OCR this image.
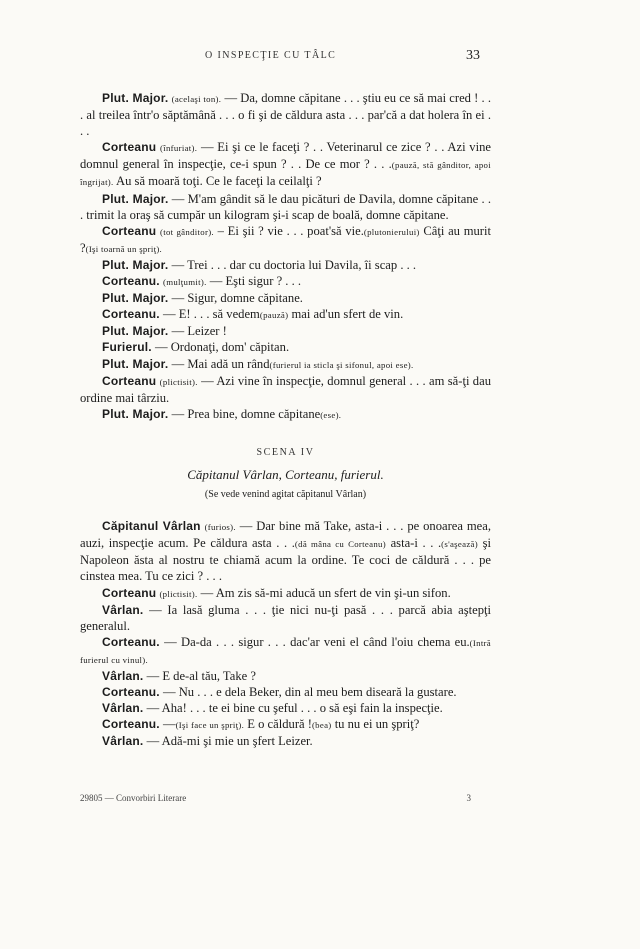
O INSPECŢIE CU TÂLC	33

Plut. Major. (acelaşi ton). — Da, domne căpitane . . . ştiu eu ce să mai cred ! . . . al treilea într'o săptămână . . . o fi şi de căldura asta . . . par'că a dat holera în ei . . .

Corteanu (înfuriat). — Ei şi ce le faceţi ? . . Veterinarul ce zice ? . . Azi vine domnul general în inspecţie, ce-i spun ? . . De ce mor ? . . .(pauză, stă gânditor, apoi îngrijat). Au să moară toţi. Ce le faceţi la ceilalţi ?

Plut. Major. — M'am gândit să le dau picături de Davila, domne căpitane . . . trimit la oraş să cumpăr un kilogram şi-i scap de boală, domne căpitane.

Corteanu (tot gânditor). – Ei şii ? vie . . . poat'să vie.(plutonierului) Câţi au murit ?(Işi toarnă un şpriţ).

Plut. Major. — Trei . . . dar cu doctoria lui Davila, îi scap . . .

Corteanu. (mulţumit). — Eşti sigur ? . . .

Plut. Major. — Sigur, domne căpitane.

Corteanu. — E! . . . să vedem(pauză) mai ad'un sfert de vin.

Plut. Major. — Leizer !

Furierul. — Ordonaţi, dom' căpitan.

Plut. Major. — Mai adă un rând(furierul ia sticla şi sifonul, apoi ese).

Corteanu (plictisit). — Azi vine în inspecţie, domnul general . . . am să-ţi dau ordine mai târziu.

Plut. Major. — Prea bine, domne căpitane(ese).

SCENA IV
Căpitanul Vârlan, Corteanu, furierul.
(Se vede venind agitat căpitanul Vârlan)

Căpitanul Vârlan (furios). — Dar bine mă Take, asta-i . . . pe onoarea mea, auzi, inspecţie acum. Pe căldura asta . . .(dă mâna cu Corteanu) asta-i . . .(s'aşează) şi Napoleon ăsta al nostru te chiamă acum la ordine. Te coci de căldură . . . pe cinstea mea. Tu ce zici ? . . .

Corteanu (plictisit). — Am zis să-mi aducă un sfert de vin şi-un sifon.

Vârlan. — Ia lasă gluma . . . ţie nici nu-ţi pasă . . . parcă abia aştepţi generalul.

Corteanu. — Da-da . . . sigur . . . dac'ar veni el când l'oiu chema eu.(Intră furierul cu vinul).

Vârlan. — E de-al tău, Take ?

Corteanu. — Nu . . . e dela Beker, din al meu bem diseară la gustare.

Vârlan. — Aha! . . . te ei bine cu şeful . . . o să eşi fain la inspecţie.

Corteanu. —(Işi face un şpriţ). E o căldură !(bea) tu nu ei un şpriţ?

Vârlan. — Adă-mi şi mie un şfert Leizer.

29805 — Convorbiri Literare	3
